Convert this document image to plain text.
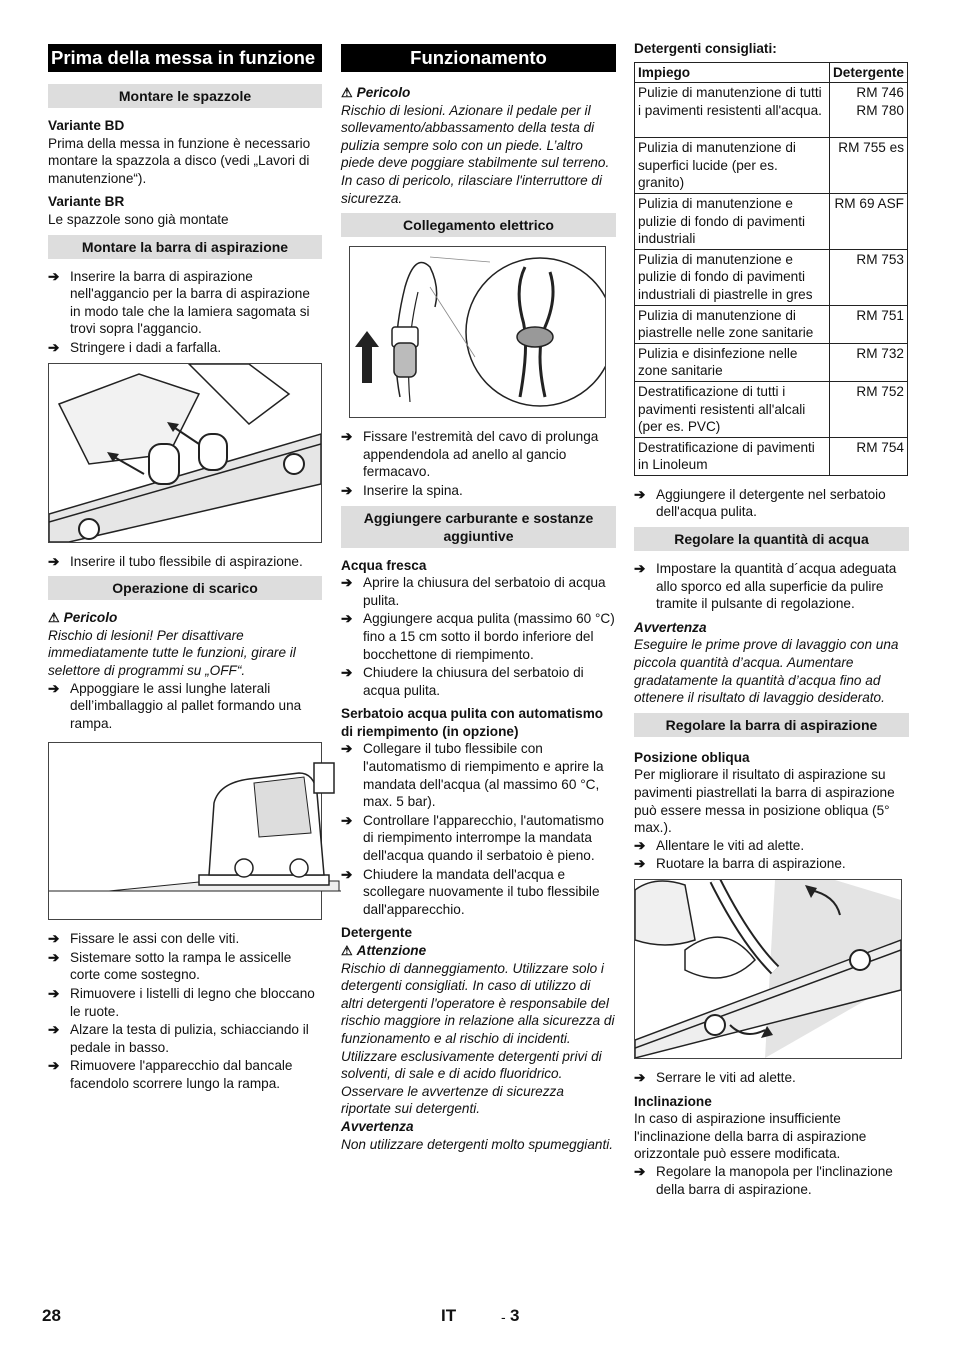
Prima della messa in funzione
Montare le spazzole

Variante BD

Prima della messa in funzione è necessario montare la spazzola a disco (vedi „Lavori di manutenzione“).

Variante BR

Le spazzole sono già montate

Montare la barra di aspirazione
➔ Inserire la barra di aspirazione nell'aggancio per la barra di aspirazione in modo tale che la lamiera sagomata si trovi sopra l'aggancio.
➔ Stringere i dadi a farfalla.
➔ Inserire il tubo flessibile di aspirazione.
Operazione di scarico

⚠ Pericolo

Rischio di lesioni! Per disattivare immediatamente tutte le funzioni, girare il selettore di programmi su „OFF“.

➔ Appoggiare le assi lunghe laterali dell’imballaggio al pallet formando una rampa.
➔ Fissare le assi con delle viti.
➔ Sistemare sotto la rampa le assicelle corte come sostegno.
➔ Rimuovere i listelli di legno che bloccano le ruote.
➔ Alzare la testa di pulizia, schiacciando il pedale in basso.
➔ Rimuovere l'apparecchio dal bancale facendolo scorrere lungo la rampa.
Funzionamento

⚠ Pericolo

Rischio di lesioni. Azionare il pedale per il sollevamento/abbassamento della testa di pulizia sempre solo con un piede. L’altro piede deve poggiare stabilmente sul terreno.

In caso di pericolo, rilasciare l'interruttore di sicurezza.

Collegamento elettrico
➔ Fissare l'estremità del cavo di prolunga appendendola ad anello al gancio fermacavo.
➔ Inserire la spina.
Aggiungere carburante e sostanze aggiuntive

Acqua fresca

➔ Aprire la chiusura del serbatoio di acqua pulita.
➔ Aggiungere acqua pulita (massimo 60 °C) fino a 15 cm sotto il bordo inferiore del bocchettone di riempimento.
➔ Chiudere la chiusura del serbatoio di acqua pulita.

Serbatoio acqua pulita con automatismo di riempimento (in opzione)

➔ Collegare il tubo flessibile con l'automatismo di riempimento e aprire la mandata dell'acqua (al massimo 60 °C, max. 5 bar).
➔ Controllare l'apparecchio, l'automatismo di riempimento interrompe la mandata dell'acqua quando il serbatoio è pieno.
➔ Chiudere la mandata dell'acqua e scollegare nuovamente il tubo flessibile dall'apparecchio.

Detergente

⚠ Attenzione

Rischio di danneggiamento. Utilizzare solo i detergenti consigliati. In caso di utilizzo di altri detergenti l'operatore è responsabile del rischio maggiore in relazione alla sicurezza di funzionamento e al rischio di incidenti.

Utilizzare esclusivamente detergenti privi di solventi, di sale e di acido fluoridrico. Osservare le avvertenze di sicurezza riportate sui detergenti.

Avvertenza

Non utilizzare detergenti molto spumeggianti.

Detergenti consigliati:

Impiego	Detergente
Pulizie di manutenzione di tutti i pavimenti resistenti all'acqua.	RM 746
RM 780
Pulizia di manutenzione di superfici lucide (per es. granito)	RM 755 es
Pulizia di manutenzione e pulizie di fondo di pavimenti industriali	RM 69 ASF
Pulizia di manutenzione e pulizie di fondo di pavimenti industriali di piastrelle in gres	RM 753
Pulizia di manutenzione di piastrelle nelle zone sanitarie	RM 751
Pulizia e disinfezione nelle zone sanitarie	RM 732
Destratificazione di tutti i pavimenti resistenti all'alcali (per es. PVC)	RM 752
Destratificazione di pavimenti in Linoleum	RM 754
➔ Aggiungere il detergente nel serbatoio dell'acqua pulita.
Regolare la quantità di acqua
➔ Impostare la quantità d´acqua adeguata allo sporco ed alla superficie da pulire tramite il pulsante di regolazione.

Avvertenza

Eseguire le prime prove di lavaggio con una piccola quantità d’acqua. Aumentare gradatamente la quantità d’acqua fino ad ottenere il risultato di lavaggio desiderato.

Regolare la barra di aspirazione

Posizione obliqua

Per migliorare il risultato di aspirazione su pavimenti piastrellati la barra di aspirazione può essere messa in posizione obliqua (5° max.).

➔ Allentare le viti ad alette.
➔ Ruotare la barra di aspirazione.
➔ Serrare le viti ad alette.

Inclinazione

In caso di aspirazione insufficiente l'inclinazione della barra di aspirazione orizzontale può essere modificata.

➔ Regolare la manopola per l'inclinazione della barra di aspirazione.
28	IT	- 3
